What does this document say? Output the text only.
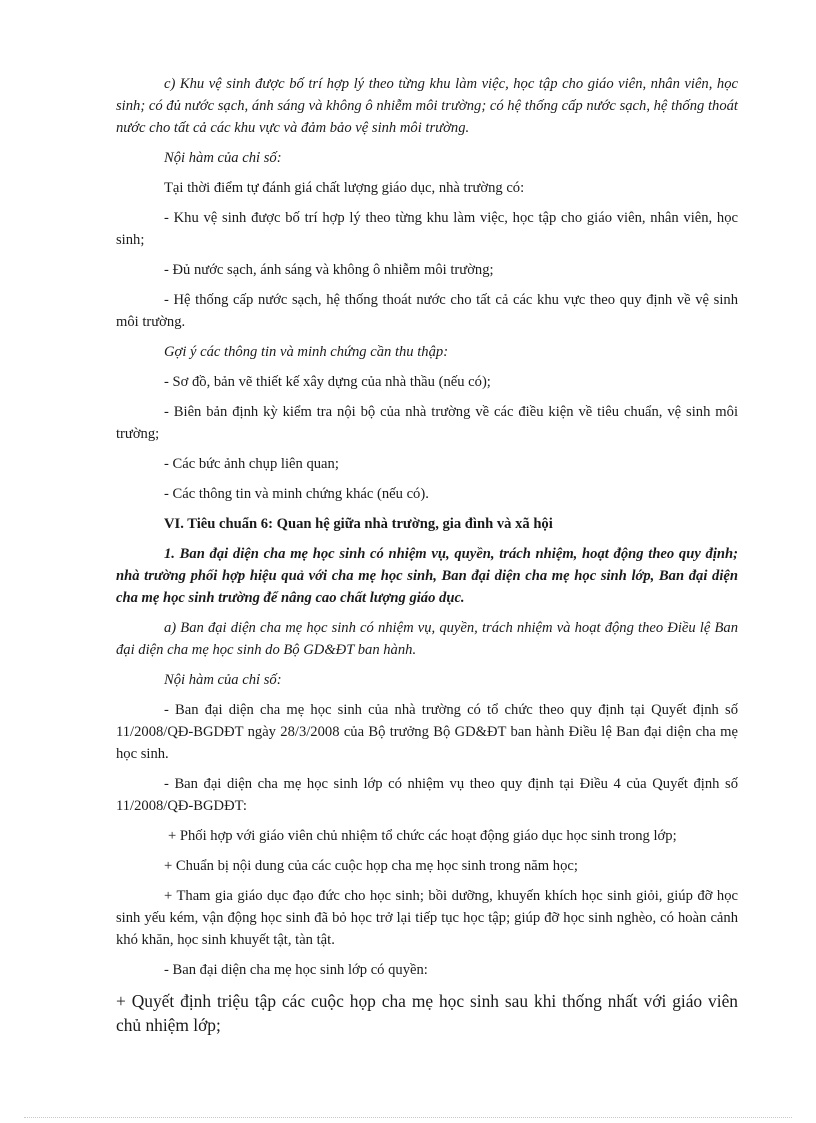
c) Khu vệ sinh được bố trí hợp lý theo từng khu làm việc, học tập cho giáo viên, nhân viên, học sinh; có đủ nước sạch, ánh sáng và không ô nhiễm môi trường; có hệ thống cấp nước sạch, hệ thống thoát nước cho tất cả các khu vực và đảm bảo vệ sinh môi trường.

Nội hàm của chỉ số:

Tại thời điểm tự đánh giá chất lượng giáo dục, nhà trường có:

- Khu vệ sinh được bố trí hợp lý theo từng khu làm việc, học tập cho giáo viên, nhân viên, học sinh;

- Đủ nước sạch, ánh sáng và không ô nhiễm môi trường;

- Hệ thống cấp nước sạch, hệ thống thoát nước cho tất cả các khu vực theo quy định về vệ sinh môi trường.

Gợi ý các thông tin và minh chứng cần thu thập:

- Sơ đồ, bản vẽ thiết kế xây dựng của nhà thầu (nếu có);

- Biên bản định kỳ kiểm tra nội bộ của nhà trường về các điều kiện về tiêu chuẩn, vệ sinh môi trường;

- Các bức ảnh chụp liên quan;

- Các thông tin và minh chứng khác (nếu có).

VI. Tiêu chuẩn 6: Quan hệ giữa nhà trường, gia đình và xã hội

1. Ban đại diện cha mẹ học sinh có nhiệm vụ, quyền, trách nhiệm, hoạt động theo quy định; nhà trường phối hợp hiệu quả với cha mẹ học sinh, Ban đại diện cha mẹ học sinh lớp, Ban đại diện cha mẹ học sinh trường để nâng cao chất lượng giáo dục.

a) Ban đại diện cha mẹ học sinh có nhiệm vụ, quyền, trách nhiệm và hoạt động theo Điều lệ Ban đại diện cha mẹ học sinh do Bộ GD&ĐT ban hành.

Nội hàm của chỉ số:

- Ban đại diện cha mẹ học sinh của nhà trường có tổ chức theo quy định tại Quyết định số 11/2008/QĐ-BGDĐT ngày 28/3/2008 của Bộ trưởng Bộ GD&ĐT ban hành Điều lệ Ban đại diện cha mẹ học sinh.

- Ban đại diện cha mẹ học sinh lớp có nhiệm vụ theo quy định tại Điều 4 của Quyết định số 11/2008/QĐ-BGDĐT:

+ Phối hợp với giáo viên chủ nhiệm tổ chức các hoạt động giáo dục học sinh trong lớp;

+ Chuẩn bị nội dung của các cuộc họp cha mẹ học sinh trong năm học;

+ Tham gia giáo dục đạo đức cho học sinh; bồi dưỡng, khuyến khích học sinh giỏi, giúp đỡ học sinh yếu kém, vận động học sinh đã bỏ học trở lại tiếp tục học tập; giúp đỡ học sinh nghèo, có hoàn cảnh khó khăn, học sinh khuyết tật, tàn tật.

- Ban đại diện cha mẹ học sinh lớp có quyền:

+ Quyết định triệu tập các cuộc họp cha mẹ học sinh sau khi thống nhất với giáo viên chủ nhiệm lớp;
